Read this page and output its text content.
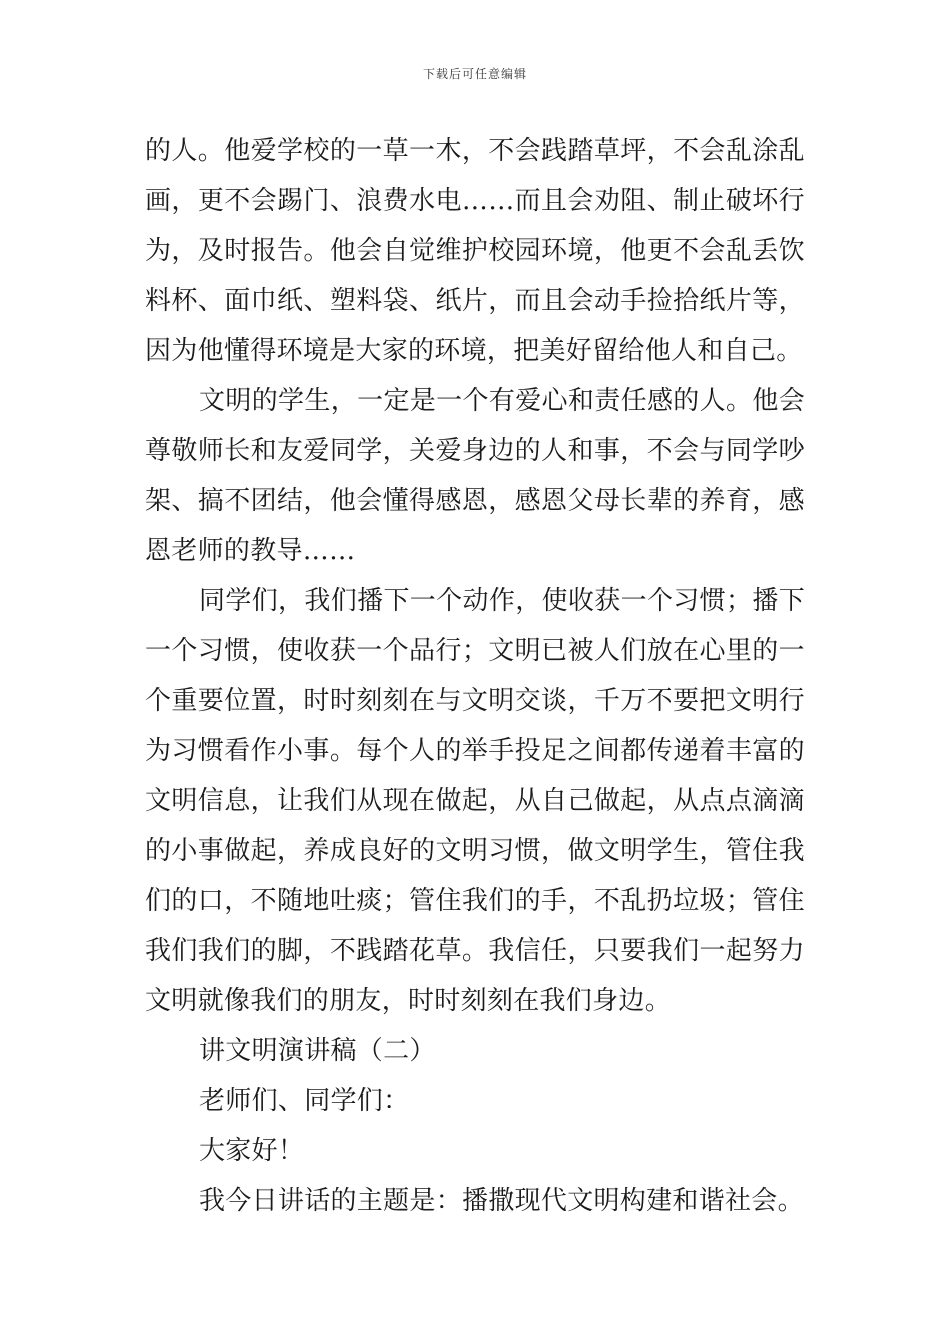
下载后可任意编辑

的人。他爱学校的一草一木，不会践踏草坪，不会乱涂乱画，更不会踢门、浪费水电……而且会劝阻、制止破坏行为，及时报告。他会自觉维护校园环境，他更不会乱丢饮料杯、面巾纸、塑料袋、纸片，而且会动手捡拾纸片等，因为他懂得环境是大家的环境，把美好留给他人和自己。

文明的学生，一定是一个有爱心和责任感的人。他会尊敬师长和友爱同学，关爱身边的人和事，不会与同学吵架、搞不团结，他会懂得感恩，感恩父母长辈的养育，感恩老师的教导……

同学们，我们播下一个动作，使收获一个习惯；播下一个习惯，使收获一个品行；文明已被人们放在心里的一个重要位置，时时刻刻在与文明交谈，千万不要把文明行为习惯看作小事。每个人的举手投足之间都传递着丰富的文明信息，让我们从现在做起，从自己做起，从点点滴滴的小事做起，养成良好的文明习惯，做文明学生，管住我们的口，不随地吐痰；管住我们的手，不乱扔垃圾；管住我们我们的脚，不践踏花草。我信任，只要我们一起努力文明就像我们的朋友，时时刻刻在我们身边。

讲文明演讲稿（二）

老师们、同学们：

大家好！

我今日讲话的主题是：播撒现代文明构建和谐社会。
